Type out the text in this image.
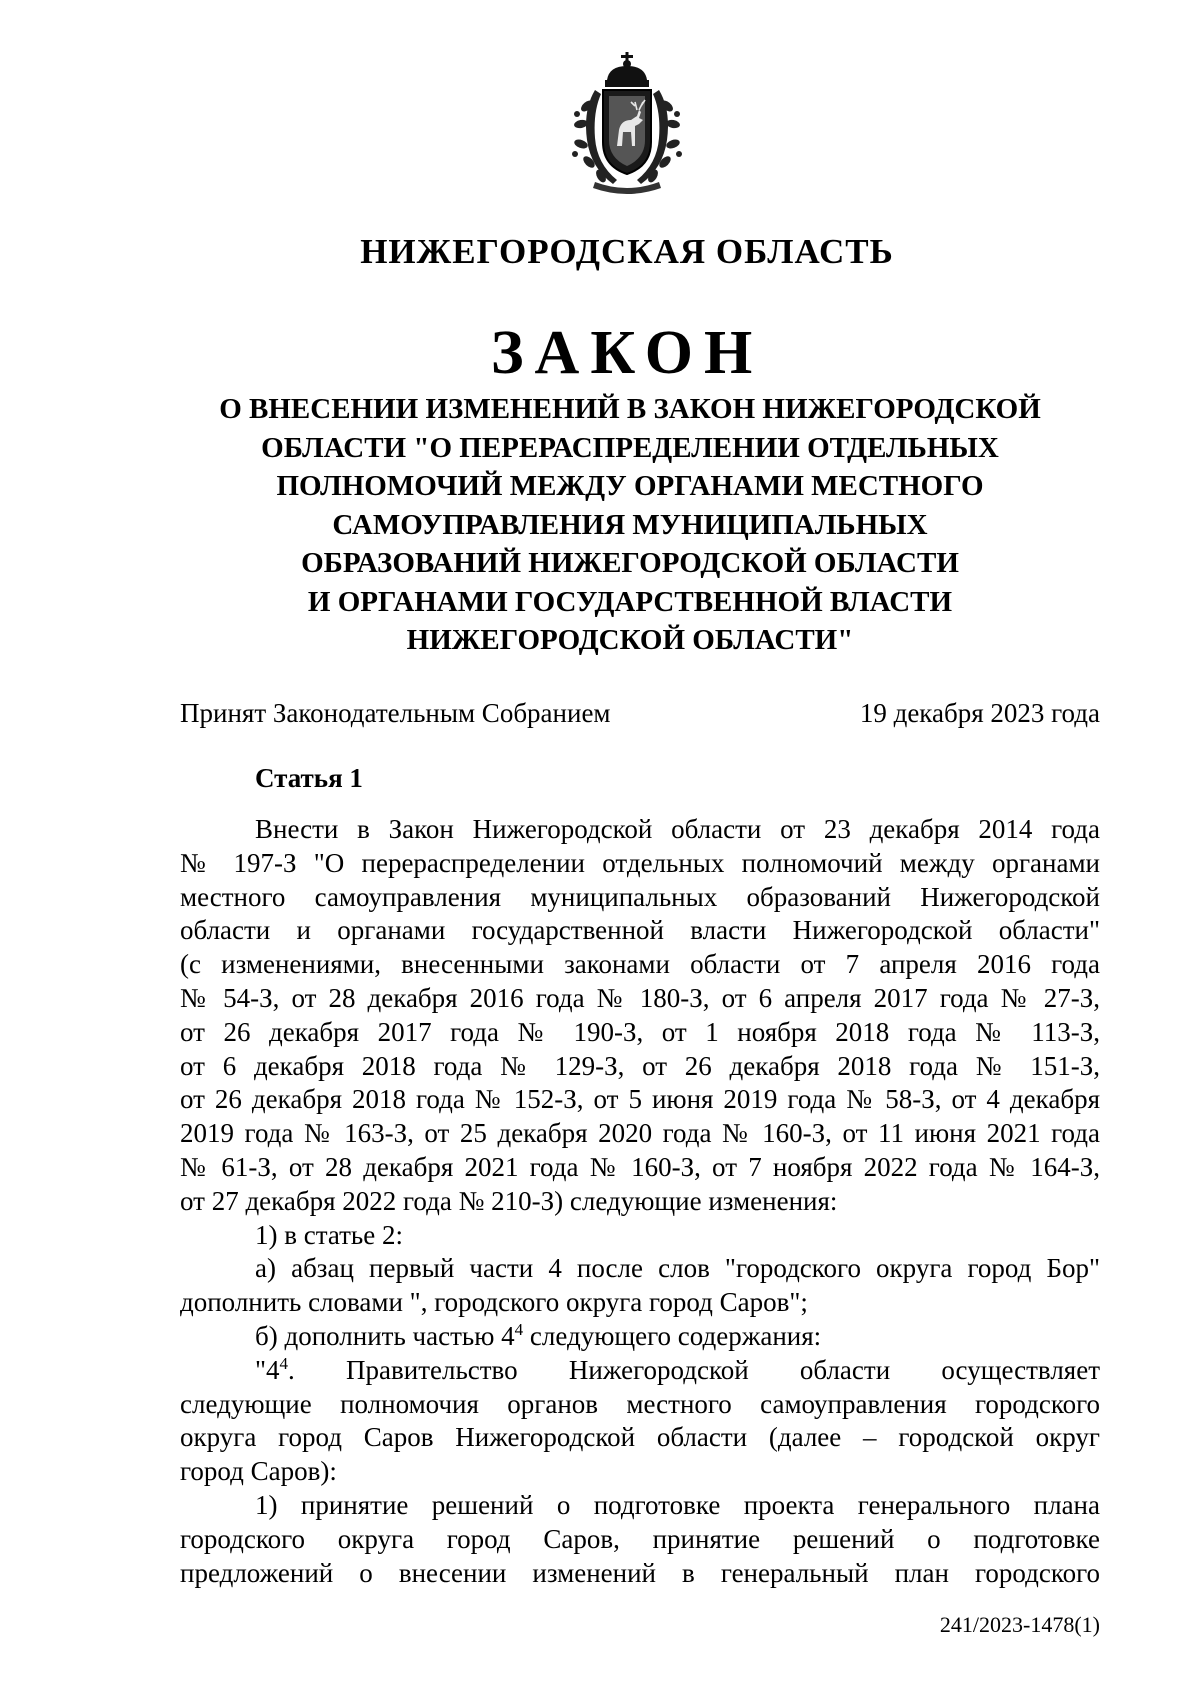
НИЖЕГОРОДСКАЯ ОБЛАСТЬ
ЗАКОН
О ВНЕСЕНИИ ИЗМЕНЕНИЙ В ЗАКОН НИЖЕГОРОДСКОЙ
ОБЛАСТИ "О ПЕРЕРАСПРЕДЕЛЕНИИ ОТДЕЛЬНЫХ
ПОЛНОМОЧИЙ МЕЖДУ ОРГАНАМИ МЕСТНОГО
САМОУПРАВЛЕНИЯ МУНИЦИПАЛЬНЫХ
ОБРАЗОВАНИЙ НИЖЕГОРОДСКОЙ ОБЛАСТИ
И ОРГАНАМИ ГОСУДАРСТВЕННОЙ ВЛАСТИ
НИЖЕГОРОДСКОЙ ОБЛАСТИ"
Принят Законодательным Собранием	19 декабря 2023 года
Статья 1
Внести в Закон Нижегородской области от 23 декабря 2014 года
№ 197-З "О перераспределении отдельных полномочий между органами
местного самоуправления муниципальных образований Нижегородской
области и органами государственной власти Нижегородской области"
(с изменениями, внесенными законами области от 7 апреля 2016 года
№ 54-З, от 28 декабря 2016 года № 180-З, от 6 апреля 2017 года № 27-З,
от 26 декабря 2017 года № 190-З, от 1 ноября 2018 года № 113-З,
от 6 декабря 2018 года № 129-З, от 26 декабря 2018 года № 151-З,
от 26 декабря 2018 года № 152-З, от 5 июня 2019 года № 58-З, от 4 декабря
2019 года № 163-З, от 25 декабря 2020 года № 160-З, от 11 июня 2021 года
№ 61-З, от 28 декабря 2021 года № 160-З, от 7 ноября 2022 года № 164-З,
от 27 декабря 2022 года № 210-З) следующие изменения:
1) в статье 2:
а) абзац первый части 4 после слов "городского округа город Бор"
дополнить словами ", городского округа город Саров";
б) дополнить частью $4^4$ следующего содержания:
"$4^4$. Правительство Нижегородской области осуществляет
следующие полномочия органов местного самоуправления городского
округа город Саров Нижегородской области (далее – городской округ
город Саров):
1) принятие решений о подготовке проекта генерального плана
городского округа город Саров, принятие решений о подготовке
предложений о внесении изменений в генеральный план городского
241/2023-1478(1)
